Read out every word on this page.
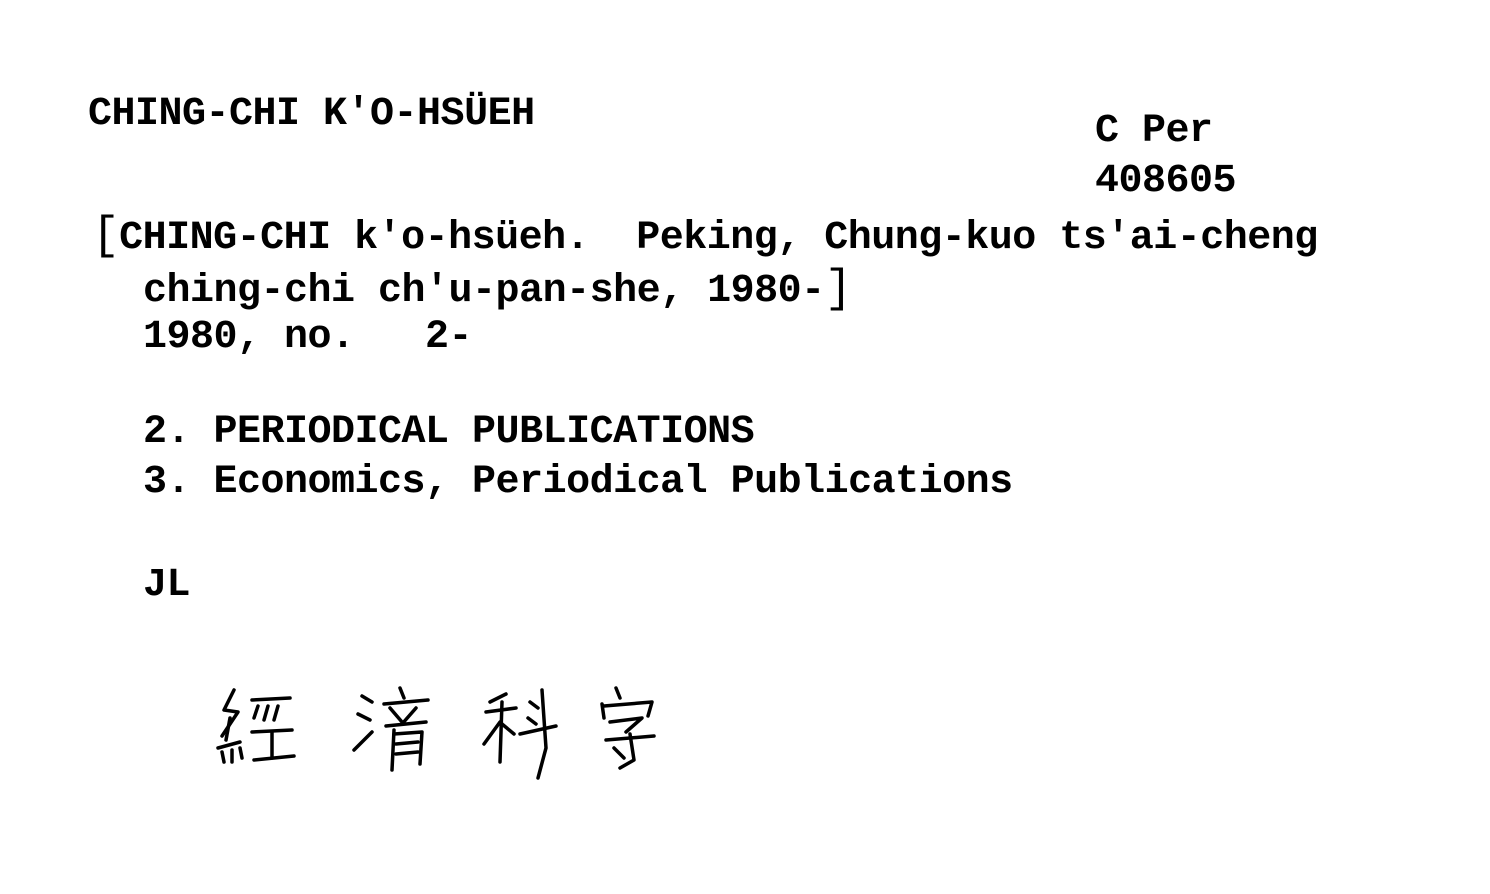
CHING-CHI K'O-HSÜEH

	C Per

408605

[CHING-CHI k'o-hsüeh.  Peking, Chung-kuo ts'ai-cheng

ching-chi ch'u-pan-she, 1980-]

1980, no.   2-

2. PERIODICAL PUBLICATIONS

3. Economics, Periodical Publications

JL
